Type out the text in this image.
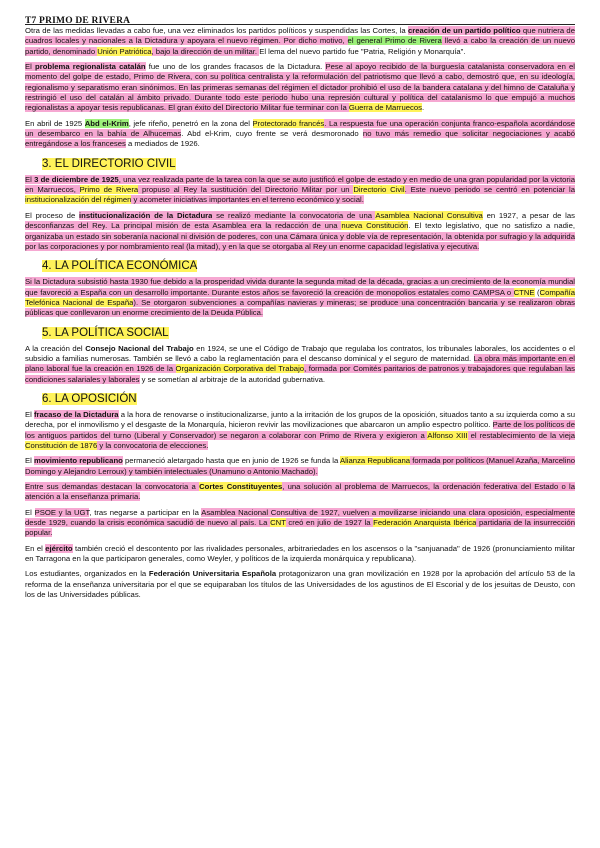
T7 PRIMO DE RIVERA

Otra de las medidas llevadas a cabo fue, una vez eliminados los partidos políticos y suspendidas las Cortes, la creación de un partido político que nutriera de cuadros locales y nacionales a la Dictadura y apoyara el nuevo régimen. Por dicho motivo, el general Primo de Rivera llevó a cabo la creación de un nuevo partido, denominado Unión Patriótica, bajo la dirección de un militar. El lema del nuevo partido fue "Patria, Religión y Monarquía".

El problema regionalista catalán fue uno de los grandes fracasos de la Dictadura. Pese al apoyo recibido de la burguesía catalanista conservadora en el momento del golpe de estado, Primo de Rivera, con su política centralista y la reformulación del patriotismo que llevó a cabo, demostró que, en su ideología, regionalismo y separatismo eran sinónimos. En las primeras semanas del régimen el dictador prohibió el uso de la bandera catalana y del himno de Cataluña y restringió el uso del catalán al ámbito privado. Durante todo este periodo hubo una represión cultural y política del catalanismo lo que empujó a muchos regionalistas a apoyar tesis republicanas. El gran éxito del Directorio Militar fue terminar con la Guerra de Marruecos.

En abril de 1925 Abd el-Krim, jefe rifeño, penetró en la zona del Protectorado francés. La respuesta fue una operación conjunta franco-española acordándose un desembarco en la bahía de Alhucemas. Abd el-Krim, cuyo frente se verá desmoronado no tuvo más remedio que solicitar negociaciones y acabó entregándose a los franceses a mediados de 1926.

3. EL DIRECTORIO CIVIL

El 3 de diciembre de 1925, una vez realizada parte de la tarea con la que se auto justificó el golpe de estado y en medio de una gran popularidad por la victoria en Marruecos, Primo de Rivera propuso al Rey la sustitución del Directorio Militar por un Directorio Civil. Este nuevo periodo se centró en potenciar la institucionalización del régimen y acometer iniciativas importantes en el terreno económico y social.

El proceso de institucionalización de la Dictadura se realizó mediante la convocatoria de una Asamblea Nacional Consultiva en 1927, a pesar de las desconfianzas del Rey. La principal misión de esta Asamblea era la redacción de una nueva Constitución. El texto legislativo, que no satisfizo a nadie, organizaba un estado sin soberanía nacional ni división de poderes, con una Cámara única y doble vía de representación, la obtenida por sufragio y la adquirida por las corporaciones y por nombramiento real (la mitad), y en la que se otorgaba al Rey un enorme capacidad legislativa y ejecutiva.

4. LA POLÍTICA ECONÓMICA

Si la Dictadura subsistió hasta 1930 fue debido a la prosperidad vivida durante la segunda mitad de la década, gracias a un crecimiento de la economía mundial que favoreció a España con un desarrollo importante. Durante estos años se favoreció la creación de monopolios estatales como CAMPSA o CTNE (Compañía Telefónica Nacional de España). Se otorgaron subvenciones a compañías navieras y mineras; se produce una concentración bancaria y se realizaron obras públicas que conllevaron un enorme crecimiento de la Deuda Pública.

5. LA POLÍTICA SOCIAL

A la creación del Consejo Nacional del Trabajo en 1924, se une el Código de Trabajo que regulaba los contratos, los tribunales laborales, los accidentes o el subsidio a familias numerosas. También se llevó a cabo la reglamentación para el descanso dominical y el seguro de maternidad. La obra más importante en el plano laboral fue la creación en 1926 de la Organización Corporativa del Trabajo, formada por Comités paritarios de patronos y trabajadores que regulaban las condiciones salariales y laborales y se sometían al arbitraje de la autoridad gubernativa.

6. LA OPOSICIÓN

El fracaso de la Dictadura a la hora de renovarse o institucionalizarse, junto a la irritación de los grupos de la oposición, situados tanto a su izquierda como a su derecha, por el inmovilismo y el desgaste de la Monarquía, hicieron revivir las movilizaciones que abarcaron un amplio espectro político. Parte de los políticos de los antiguos partidos del turno (Liberal y Conservador) se negaron a colaborar con Primo de Rivera y exigieron a Alfonso XIII el restablecimiento de la vieja Constitución de 1876 y la convocatoria de elecciones.

El movimiento republicano permaneció aletargado hasta que en junio de 1926 se funda la Alianza Republicana formada por políticos (Manuel Azaña, Marcelino Domingo y Alejandro Lerroux) y también intelectuales (Unamuno o Antonio Machado).

Entre sus demandas destacan la convocatoria a Cortes Constituyentes, una solución al problema de Marruecos, la ordenación federativa del Estado o la atención a la enseñanza primaria.

El PSOE y la UGT, tras negarse a participar en la Asamblea Nacional Consultiva de 1927, vuelven a movilizarse iniciando una clara oposición, especialmente desde 1929, cuando la crisis económica sacudió de nuevo al país. La CNT creó en julio de 1927 la Federación Anarquista Ibérica partidaria de la insurrección popular.

En el ejército también creció el descontento por las rivalidades personales, arbitrariedades en los ascensos o la "sanjuanada" de 1926 (pronunciamiento militar en Tarragona en la que participaron generales, como Weyler, y políticos de la izquierda monárquica y republicana).

Los estudiantes, organizados en la Federación Universitaria Española protagonizaron una gran movilización en 1928 por la aprobación del artículo 53 de la reforma de la enseñanza universitaria por el que se equiparaban los títulos de las Universidades de los agustinos de El Escorial y de los jesuitas de Deusto, con los de las Universidades públicas.
